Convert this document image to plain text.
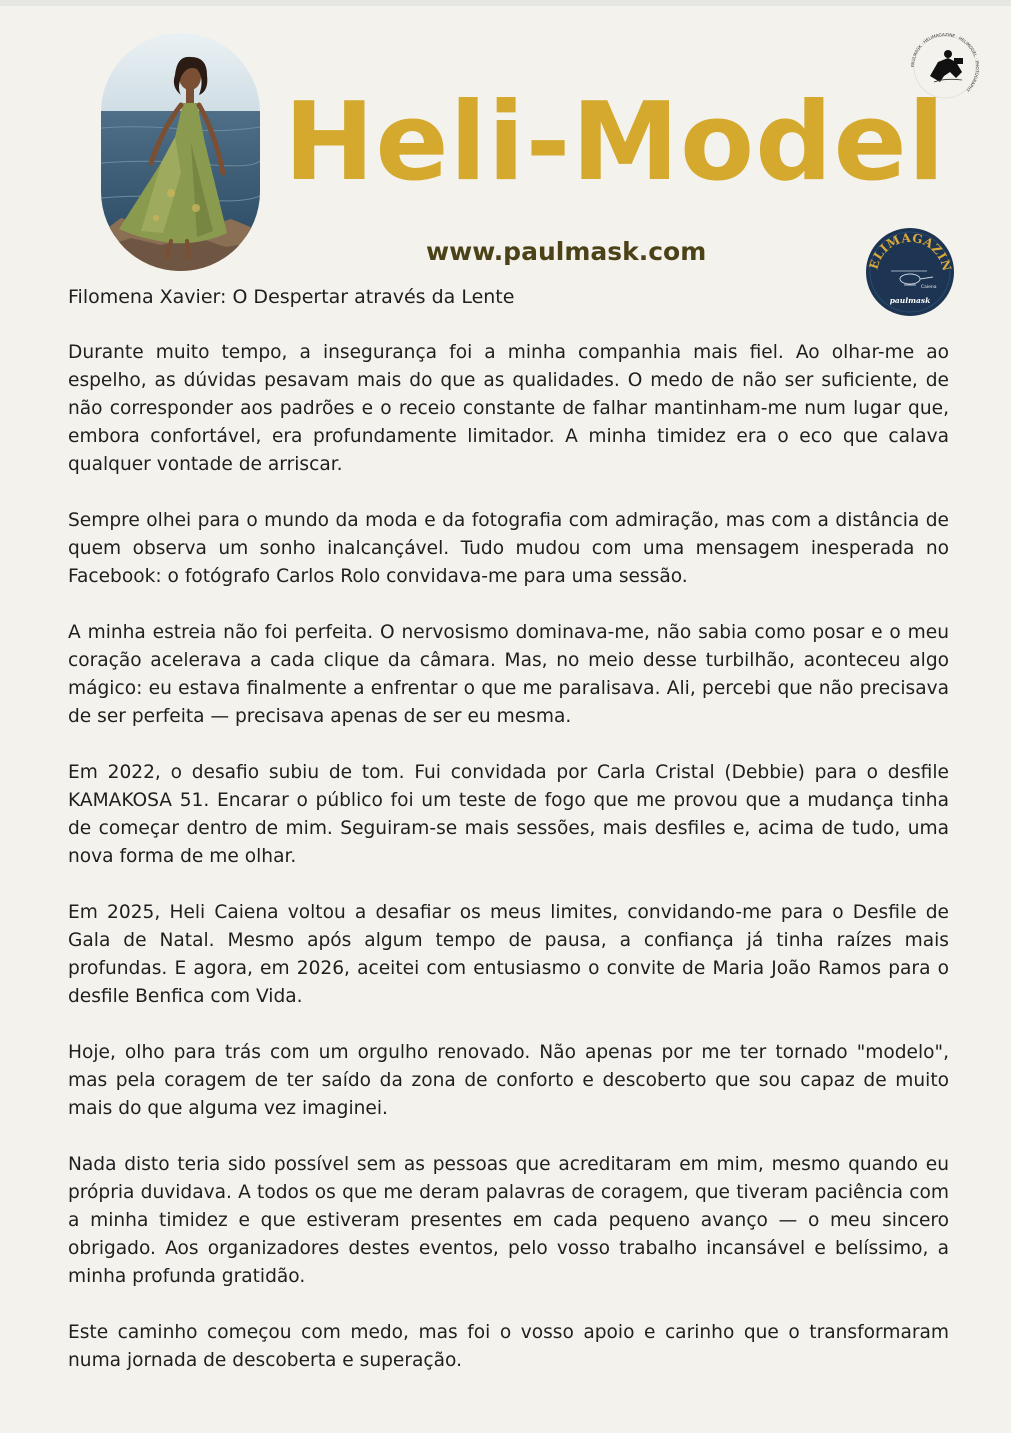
Heli-Model
www.paulmask.com
PAULMASK · HELIMAGAZINE · HELIMODEL · PHOTOGRAPHY
ELIMAGAZIN
Caiena
paulmask
Filomena Xavier: O Despertar através da Lente

Durante muito tempo, a insegurança foi a minha companhia mais fiel. Ao olhar-me ao espelho, as dúvidas pesavam mais do que as qualidades. O medo de não ser suficiente, de não corresponder aos padrões e o receio constante de falhar mantinham-me num lugar que, embora confortável, era profundamente limitador. A minha timidez era o eco que calava qualquer vontade de arriscar.

Sempre olhei para o mundo da moda e da fotografia com admiração, mas com a distância de quem observa um sonho inalcançável. Tudo mudou com uma mensagem inesperada no Facebook: o fotógrafo Carlos Rolo convidava-me para uma sessão.

A minha estreia não foi perfeita. O nervosismo dominava-me, não sabia como posar e o meu coração acelerava a cada clique da câmara. Mas, no meio desse turbilhão, aconteceu algo mágico: eu estava finalmente a enfrentar o que me paralisava. Ali, percebi que não precisava de ser perfeita — precisava apenas de ser eu mesma.

Em 2022, o desafio subiu de tom. Fui convidada por Carla Cristal (Debbie) para o desfile KAMAKOSA 51. Encarar o público foi um teste de fogo que me provou que a mudança tinha de começar dentro de mim. Seguiram-se mais sessões, mais desfiles e, acima de tudo, uma nova forma de me olhar.

Em 2025, Heli Caiena voltou a desafiar os meus limites, convidando-me para o Desfile de Gala de Natal. Mesmo após algum tempo de pausa, a confiança já tinha raízes mais profundas. E agora, em 2026, aceitei com entusiasmo o convite de Maria João Ramos para o desfile Benfica com Vida.

Hoje, olho para trás com um orgulho renovado. Não apenas por me ter tornado "modelo", mas pela coragem de ter saído da zona de conforto e descoberto que sou capaz de muito mais do que alguma vez imaginei.

Nada disto teria sido possível sem as pessoas que acreditaram em mim, mesmo quando eu própria duvidava. A todos os que me deram palavras de coragem, que tiveram paciência com a minha timidez e que estiveram presentes em cada pequeno avanço — o meu sincero obrigado. Aos organizadores destes eventos, pelo vosso trabalho incansável e belíssimo, a minha profunda gratidão.

Este caminho começou com medo, mas foi o vosso apoio e carinho que o transformaram numa jornada de descoberta e superação.
